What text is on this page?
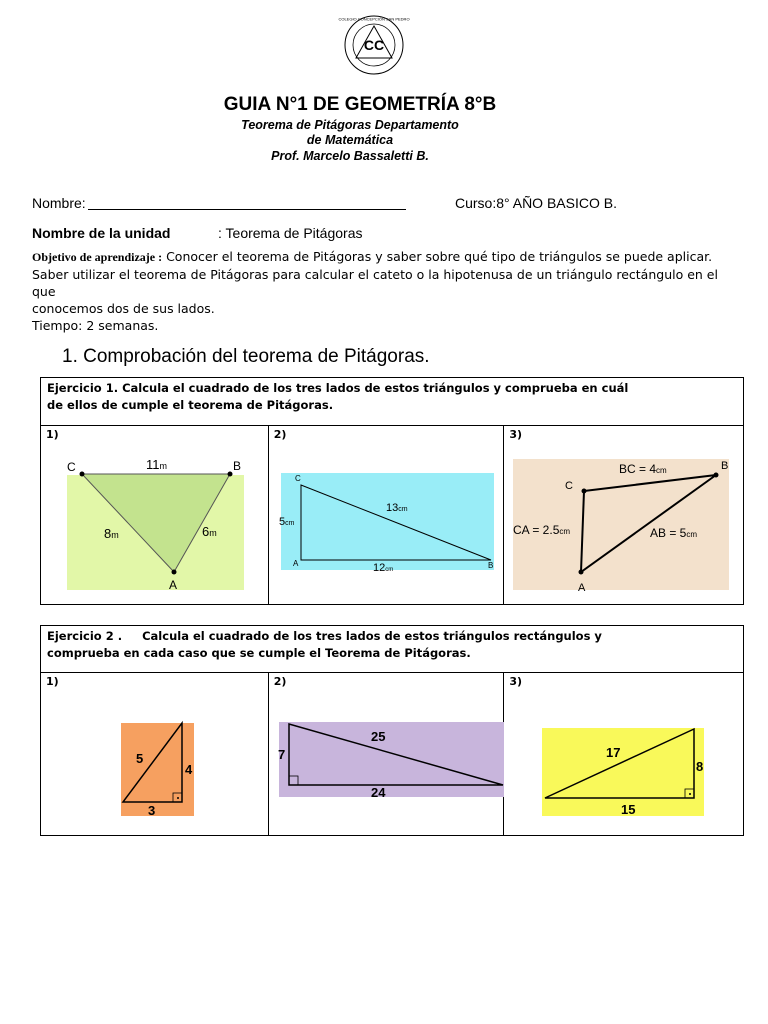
CC
COLEGIO CONCEPCIÓN SAN PEDRO
GUIA N°1 DE GEOMETRÍA 8°B
Teorema de Pitágoras Departamento
de Matemática
Prof. Marcelo Bassaletti B.
Nombre:	Curso:8° AÑO BASICO B.
Nombre de la unidad	: Teorema de Pitágoras
Objetivo de aprendizaje : Conocer el teorema de Pitágoras y saber sobre qué tipo de triángulos se puede aplicar.
Saber utilizar el teorema de Pitágoras para calcular el cateto o la hipotenusa de un triángulo rectángulo en el que
conocemos dos de sus lados.
Tiempo: 2 semanas.
1. Comprobación del teorema de Pitágoras.
Ejercicio 1. Calcula el cuadrado de los tres lados de estos triángulos y comprueba en cuál
de ellos de cumple el teorema de Pitágoras.

1)
C	B
A
11m
8m	6m

2)
C
A	B
5cm
13cm
12cm

3)
B
C
A
BC = 4cm
CA = 2.5cm	AB = 5cm
Ejercicio 2 . Calcula el cuadrado de los tres lados de estos triángulos rectángulos y
comprueba en cada caso que se cumple el Teorema de Pitágoras.

1)
5
4
3

2)
7
25
24

3)
17
8
15
